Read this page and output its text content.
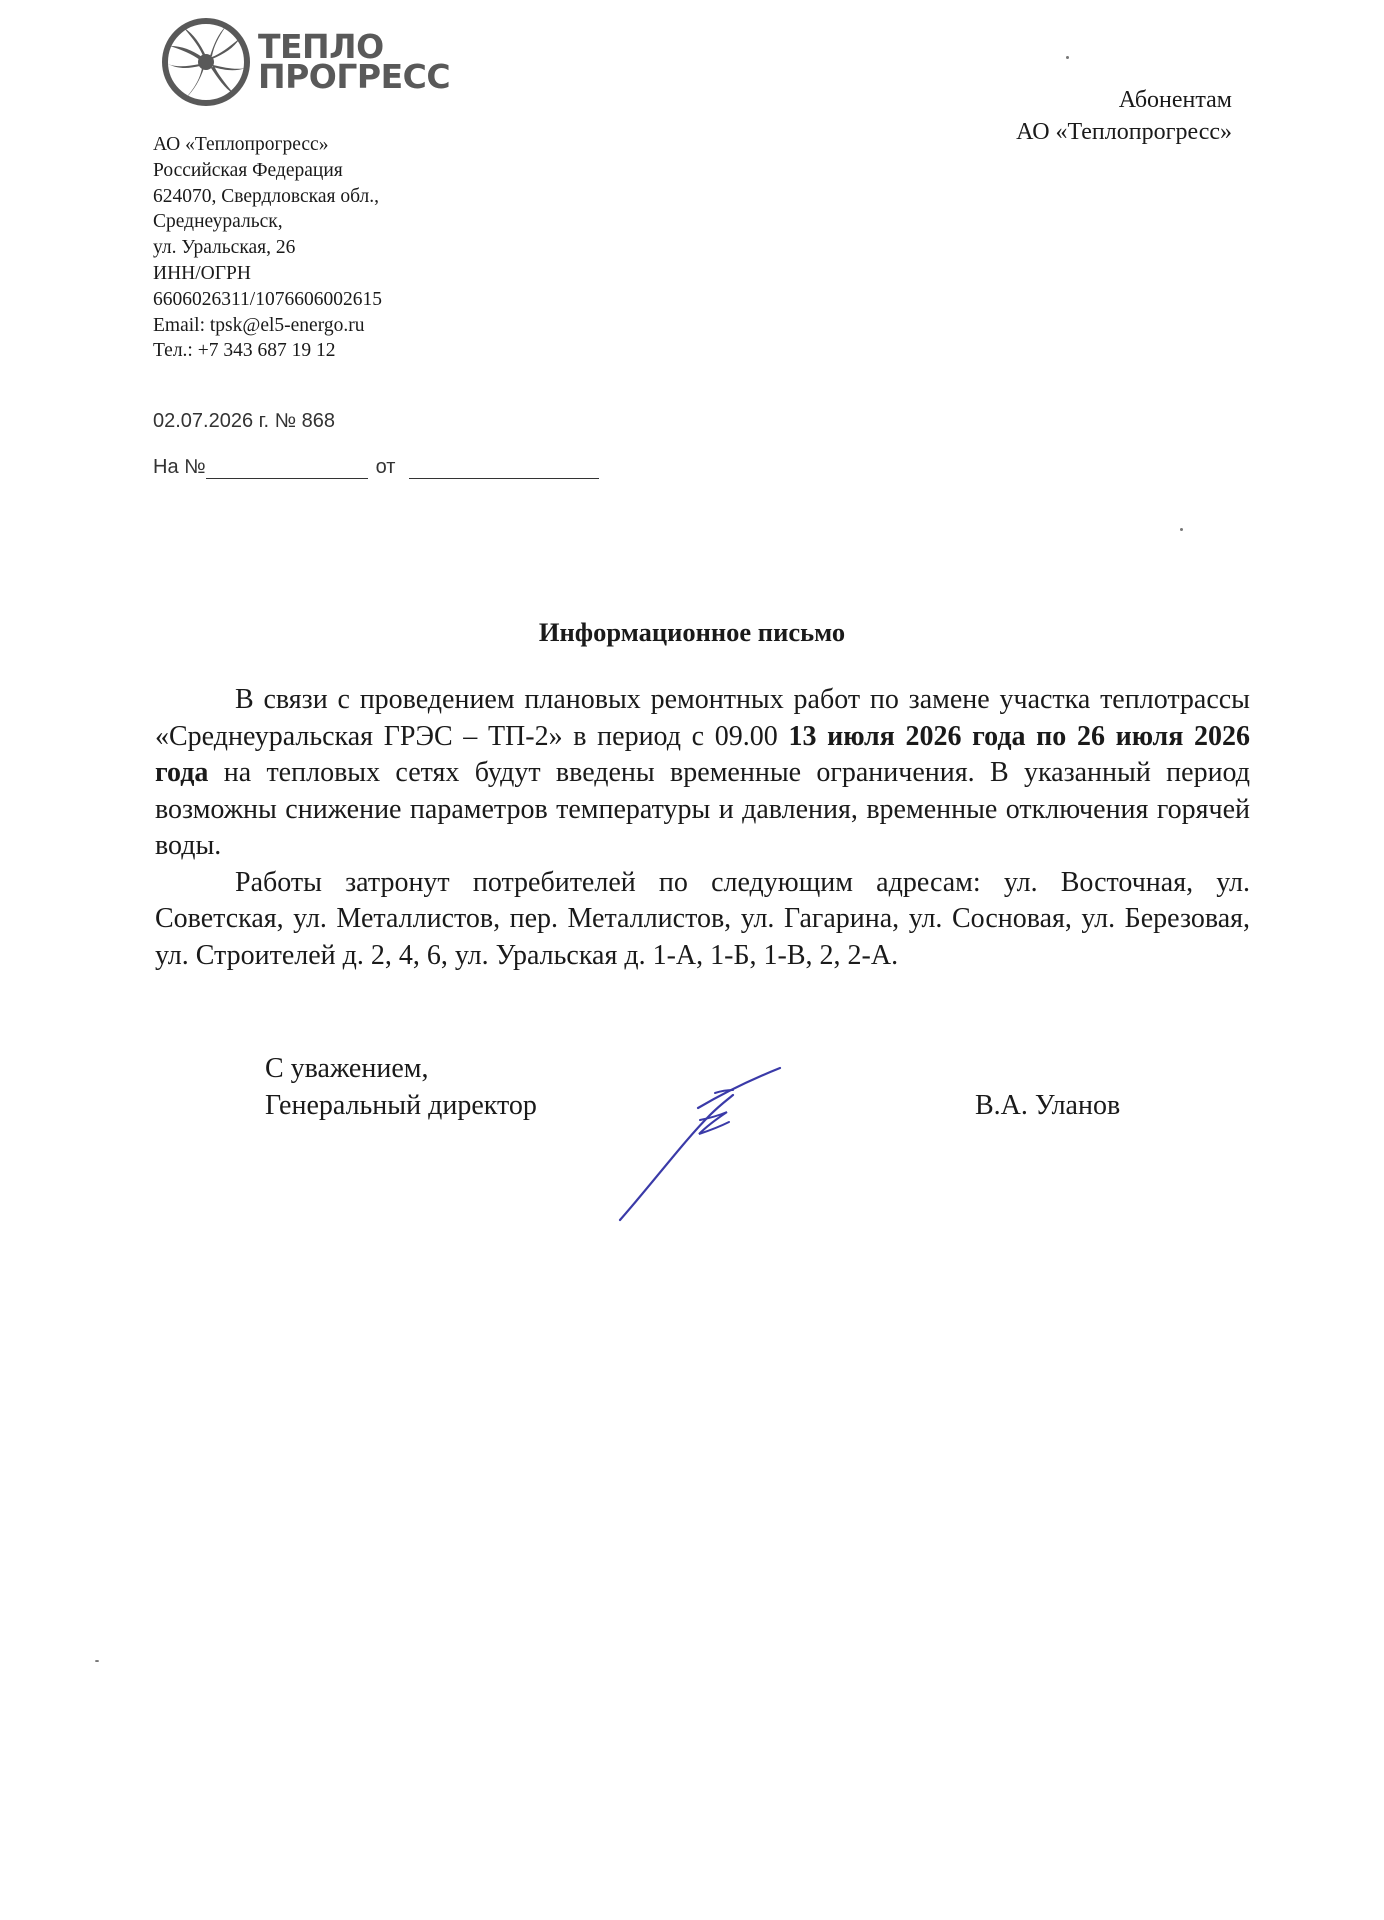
ТЕПЛО
ПРОГРЕСС
АО «Теплопрогресс»
Российская Федерация
624070, Свердловская обл.,
Среднеуральск,
ул. Уральская, 26
ИНН/ОГРН
6606026311/1076606002615
Email: tpsk@el5-energo.ru
Тел.: +7 343 687 19 12
Абонентам
АО «Теплопрогресс»
02.07.2026 г. № 868
На №	от
Информационное письмо

В связи с проведением плановых ремонтных работ по замене участка теплотрассы «Среднеуральская ГРЭС – ТП-2» в период с 09.00 13 июля 2026 года по 26 июля 2026 года на тепловых сетях будут введены временные ограничения. В указанный период возможны снижение параметров температуры и давления, временные отключения горячей воды.

Работы затронут потребителей по следующим адресам: ул. Восточная, ул. Советская, ул. Металлистов, пер. Металлистов, ул. Гагарина, ул. Сосновая, ул. Березовая, ул. Строителей д. 2, 4, 6, ул. Уральская д. 1-А, 1-Б, 1-В, 2, 2-А.

С уважением,
Генеральный директор	В.А. Уланов
